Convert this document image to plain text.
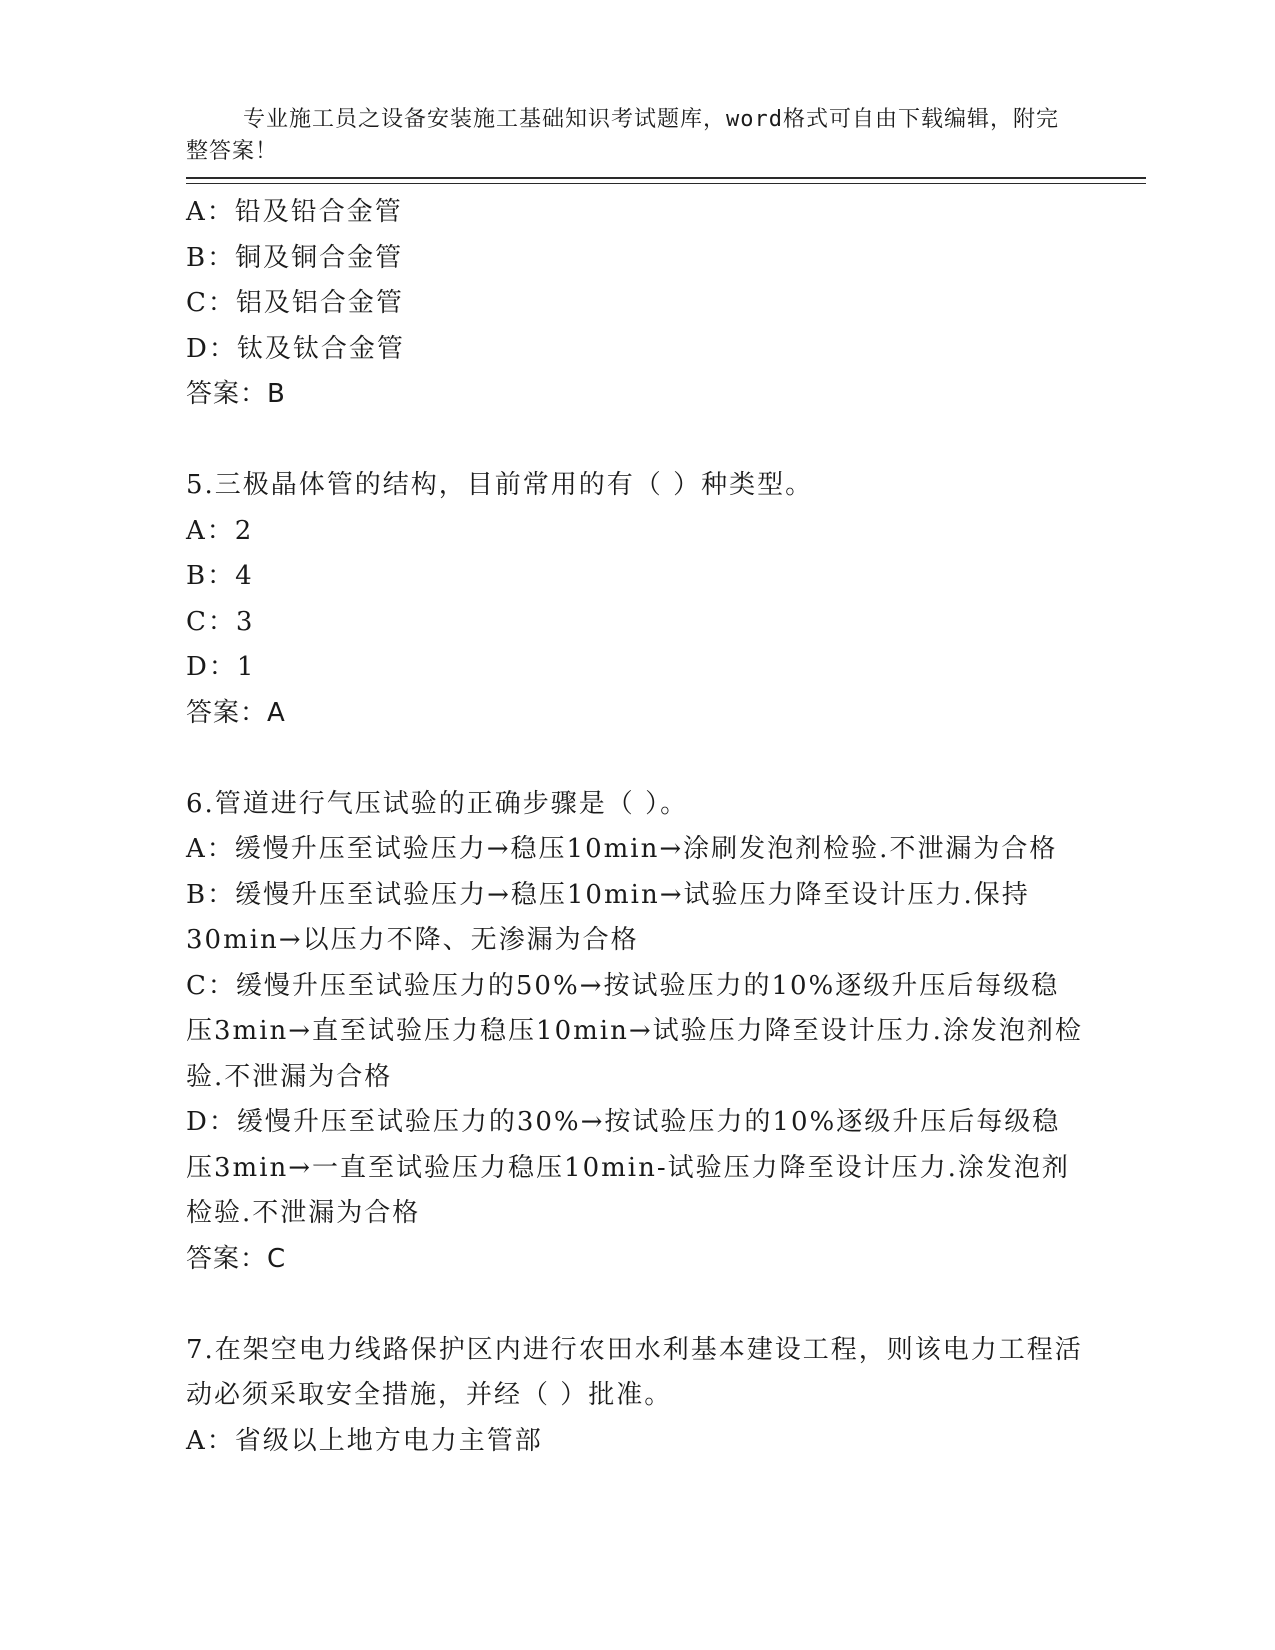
专业施工员之设备安装施工基础知识考试题库，word格式可自由下载编辑，附完整答案！

A：铅及铅合金管
B：铜及铜合金管
C：铝及铝合金管
D：钛及钛合金管
答案：B
5.三极晶体管的结构，目前常用的有（ ）种类型。
A：2
B：4
C：3
D：1
答案：A
6.管道进行气压试验的正确步骤是（ ）。
A：缓慢升压至试验压力→稳压10min→涂刷发泡剂检验.不泄漏为合格
B：缓慢升压至试验压力→稳压10min→试验压力降至设计压力.保持30min→以压力不降、无渗漏为合格
C：缓慢升压至试验压力的50%→按试验压力的10%逐级升压后每级稳压3min→直至试验压力稳压10min→试验压力降至设计压力.涂发泡剂检验.不泄漏为合格
D：缓慢升压至试验压力的30%→按试验压力的10%逐级升压后每级稳压3min→一直至试验压力稳压10min-试验压力降至设计压力.涂发泡剂检验.不泄漏为合格
答案：C
7.在架空电力线路保护区内进行农田水利基本建设工程，则该电力工程活动必须采取安全措施，并经（ ）批准。
A：省级以上地方电力主管部
